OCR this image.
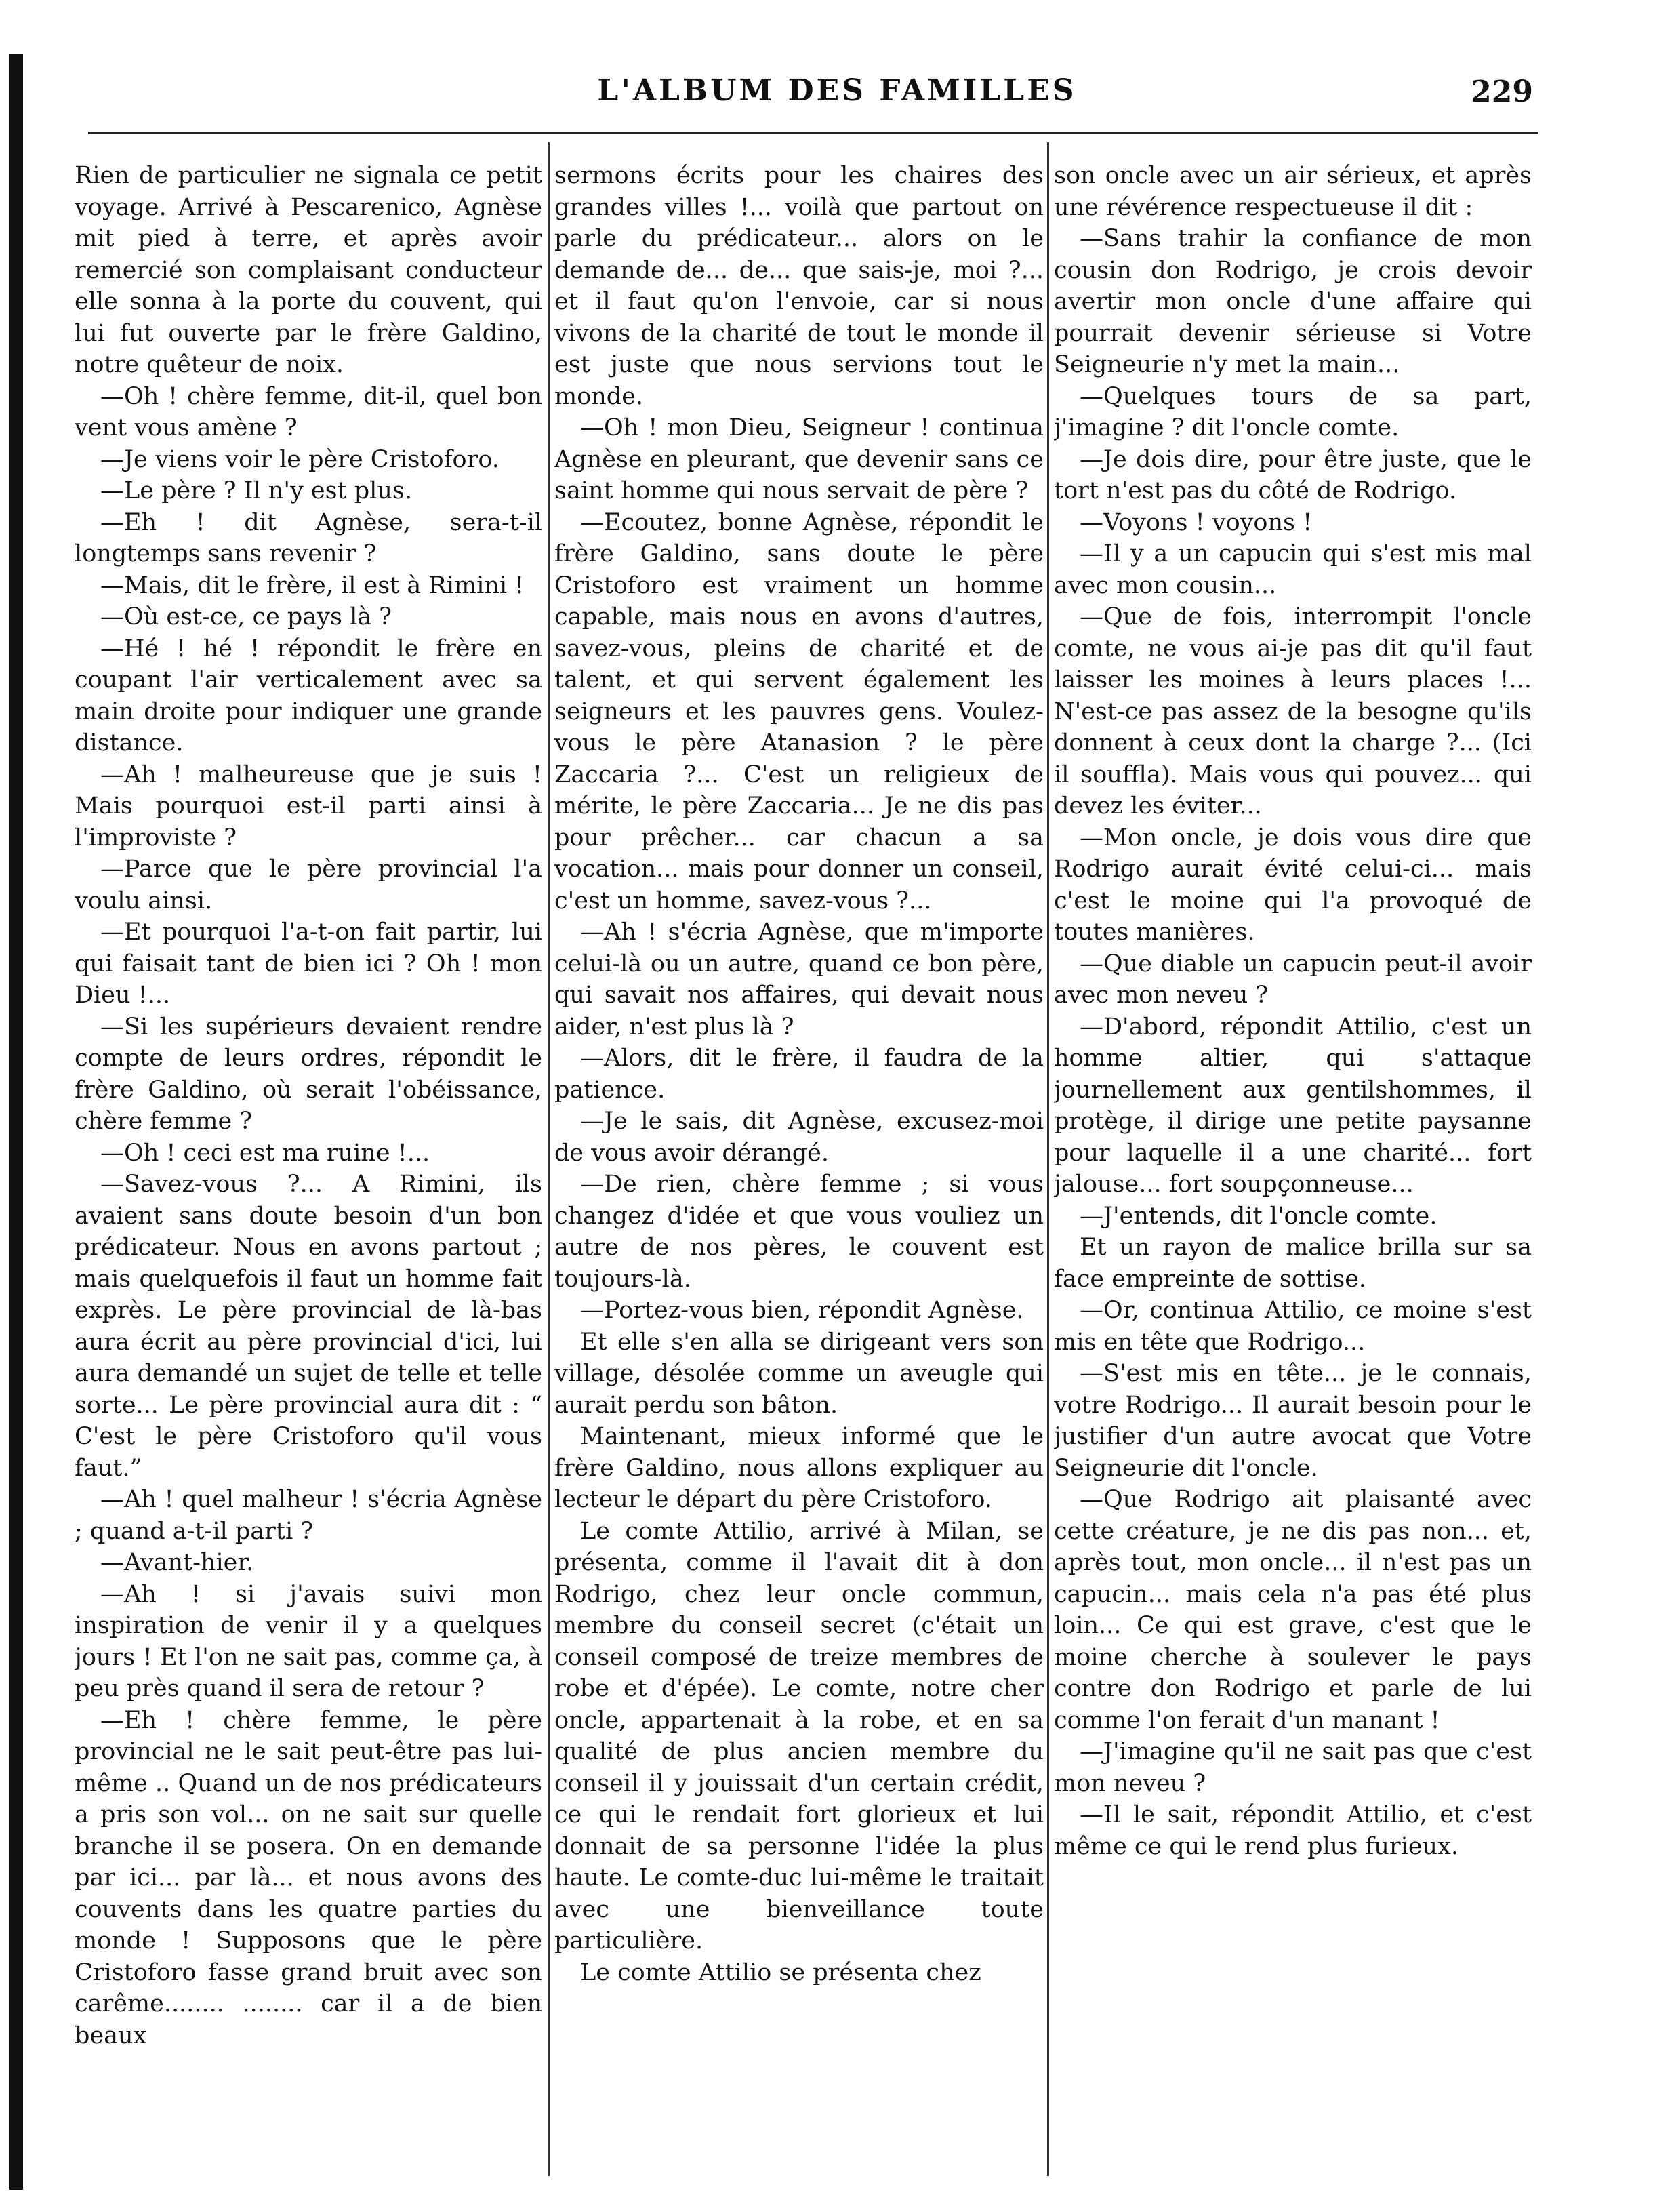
L'ALBUM DES FAMILLES	229

Rien de particulier ne signala ce petit voyage. Arrivé à Pescarenico, Agnèse mit pied à terre, et après avoir remercié son complaisant conducteur elle sonna à la porte du couvent, qui lui fut ouverte par le frère Galdino, notre quêteur de noix.

—Oh ! chère femme, dit-il, quel bon vent vous amène ?

—Je viens voir le père Cristoforo.

—Le père ? Il n'y est plus.

—Eh ! dit Agnèse, sera-t-il longtemps sans revenir ?

—Mais, dit le frère, il est à Rimini !

—Où est-ce, ce pays là ?

—Hé ! hé ! répondit le frère en coupant l'air verticalement avec sa main droite pour indiquer une grande distance.

—Ah ! malheureuse que je suis ! Mais pourquoi est-il parti ainsi à l'improviste ?

—Parce que le père provincial l'a voulu ainsi.

—Et pourquoi l'a-t-on fait partir, lui qui faisait tant de bien ici ? Oh ! mon Dieu !...

—Si les supérieurs devaient rendre compte de leurs ordres, répondit le frère Galdino, où serait l'obéissance, chère femme ?

—Oh ! ceci est ma ruine !...

—Savez-vous ?... A Rimini, ils avaient sans doute besoin d'un bon prédicateur. Nous en avons partout ; mais quelquefois il faut un homme fait exprès. Le père provincial de là-bas aura écrit au père provincial d'ici, lui aura demandé un sujet de telle et telle sorte... Le père provincial aura dit : “ C'est le père Cristoforo qu'il vous faut.”

—Ah ! quel malheur ! s'écria Agnèse ; quand a-t-il parti ?

—Avant-hier.

—Ah ! si j'avais suivi mon inspiration de venir il y a quelques jours ! Et l'on ne sait pas, comme ça, à peu près quand il sera de retour ?

—Eh ! chère femme, le père provincial ne le sait peut-être pas lui-même .. Quand un de nos prédicateurs a pris son vol... on ne sait sur quelle branche il se posera. On en demande par ici... par là... et nous avons des couvents dans les quatre parties du monde ! Supposons que le père Cristoforo fasse grand bruit avec son carême........ ........ car il a de bien beaux

sermons écrits pour les chaires des grandes villes !... voilà que partout on parle du prédicateur... alors on le demande de... de... que sais-je, moi ?... et il faut qu'on l'envoie, car si nous vivons de la charité de tout le monde il est juste que nous servions tout le monde.

—Oh ! mon Dieu, Seigneur ! continua Agnèse en pleurant, que devenir sans ce saint homme qui nous servait de père ?

—Ecoutez, bonne Agnèse, répondit le frère Galdino, sans doute le père Cristoforo est vraiment un homme capable, mais nous en avons d'autres, savez-vous, pleins de charité et de talent, et qui servent également les seigneurs et les pauvres gens. Voulez-vous le père Atanasion ? le père Zaccaria ?... C'est un religieux de mérite, le père Zaccaria... Je ne dis pas pour prêcher... car chacun a sa vocation... mais pour donner un conseil, c'est un homme, savez-vous ?...

—Ah ! s'écria Agnèse, que m'importe celui-là ou un autre, quand ce bon père, qui savait nos affaires, qui devait nous aider, n'est plus là ?

—Alors, dit le frère, il faudra de la patience.

—Je le sais, dit Agnèse, excusez-moi de vous avoir dérangé.

—De rien, chère femme ; si vous changez d'idée et que vous vouliez un autre de nos pères, le couvent est toujours-là.

—Portez-vous bien, répondit Agnèse.

Et elle s'en alla se dirigeant vers son village, désolée comme un aveugle qui aurait perdu son bâton.

Maintenant, mieux informé que le frère Galdino, nous allons expliquer au lecteur le départ du père Cristoforo.

Le comte Attilio, arrivé à Milan, se présenta, comme il l'avait dit à don Rodrigo, chez leur oncle commun, membre du conseil secret (c'était un conseil composé de treize membres de robe et d'épée). Le comte, notre cher oncle, appartenait à la robe, et en sa qualité de plus ancien membre du conseil il y jouissait d'un certain crédit, ce qui le rendait fort glorieux et lui donnait de sa personne l'idée la plus haute. Le comte-duc lui-même le traitait avec une bienveillance toute particulière.

Le comte Attilio se présenta chez

son oncle avec un air sérieux, et après une révérence respectueuse il dit :

—Sans trahir la confiance de mon cousin don Rodrigo, je crois devoir avertir mon oncle d'une affaire qui pourrait devenir sérieuse si Votre Seigneurie n'y met la main...

—Quelques tours de sa part, j'imagine ? dit l'oncle comte.

—Je dois dire, pour être juste, que le tort n'est pas du côté de Rodrigo.

—Voyons ! voyons !

—Il y a un capucin qui s'est mis mal avec mon cousin...

—Que de fois, interrompit l'oncle comte, ne vous ai-je pas dit qu'il faut laisser les moines à leurs places !... N'est-ce pas assez de la besogne qu'ils donnent à ceux dont la charge ?... (Ici il souffla). Mais vous qui pouvez... qui devez les éviter...

—Mon oncle, je dois vous dire que Rodrigo aurait évité celui-ci... mais c'est le moine qui l'a provoqué de toutes manières.

—Que diable un capucin peut-il avoir avec mon neveu ?

—D'abord, répondit Attilio, c'est un homme altier, qui s'attaque journellement aux gentilshommes, il protège, il dirige une petite paysanne pour laquelle il a une charité... fort jalouse... fort soupçonneuse...

—J'entends, dit l'oncle comte.

Et un rayon de malice brilla sur sa face empreinte de sottise.

—Or, continua Attilio, ce moine s'est mis en tête que Rodrigo...

—S'est mis en tête... je le connais, votre Rodrigo... Il aurait besoin pour le justifier d'un autre avocat que Votre Seigneurie dit l'oncle.

—Que Rodrigo ait plaisanté avec cette créature, je ne dis pas non... et, après tout, mon oncle... il n'est pas un capucin... mais cela n'a pas été plus loin... Ce qui est grave, c'est que le moine cherche à soulever le pays contre don Rodrigo et parle de lui comme l'on ferait d'un manant !

—J'imagine qu'il ne sait pas que c'est mon neveu ?

—Il le sait, répondit Attilio, et c'est même ce qui le rend plus furieux.
